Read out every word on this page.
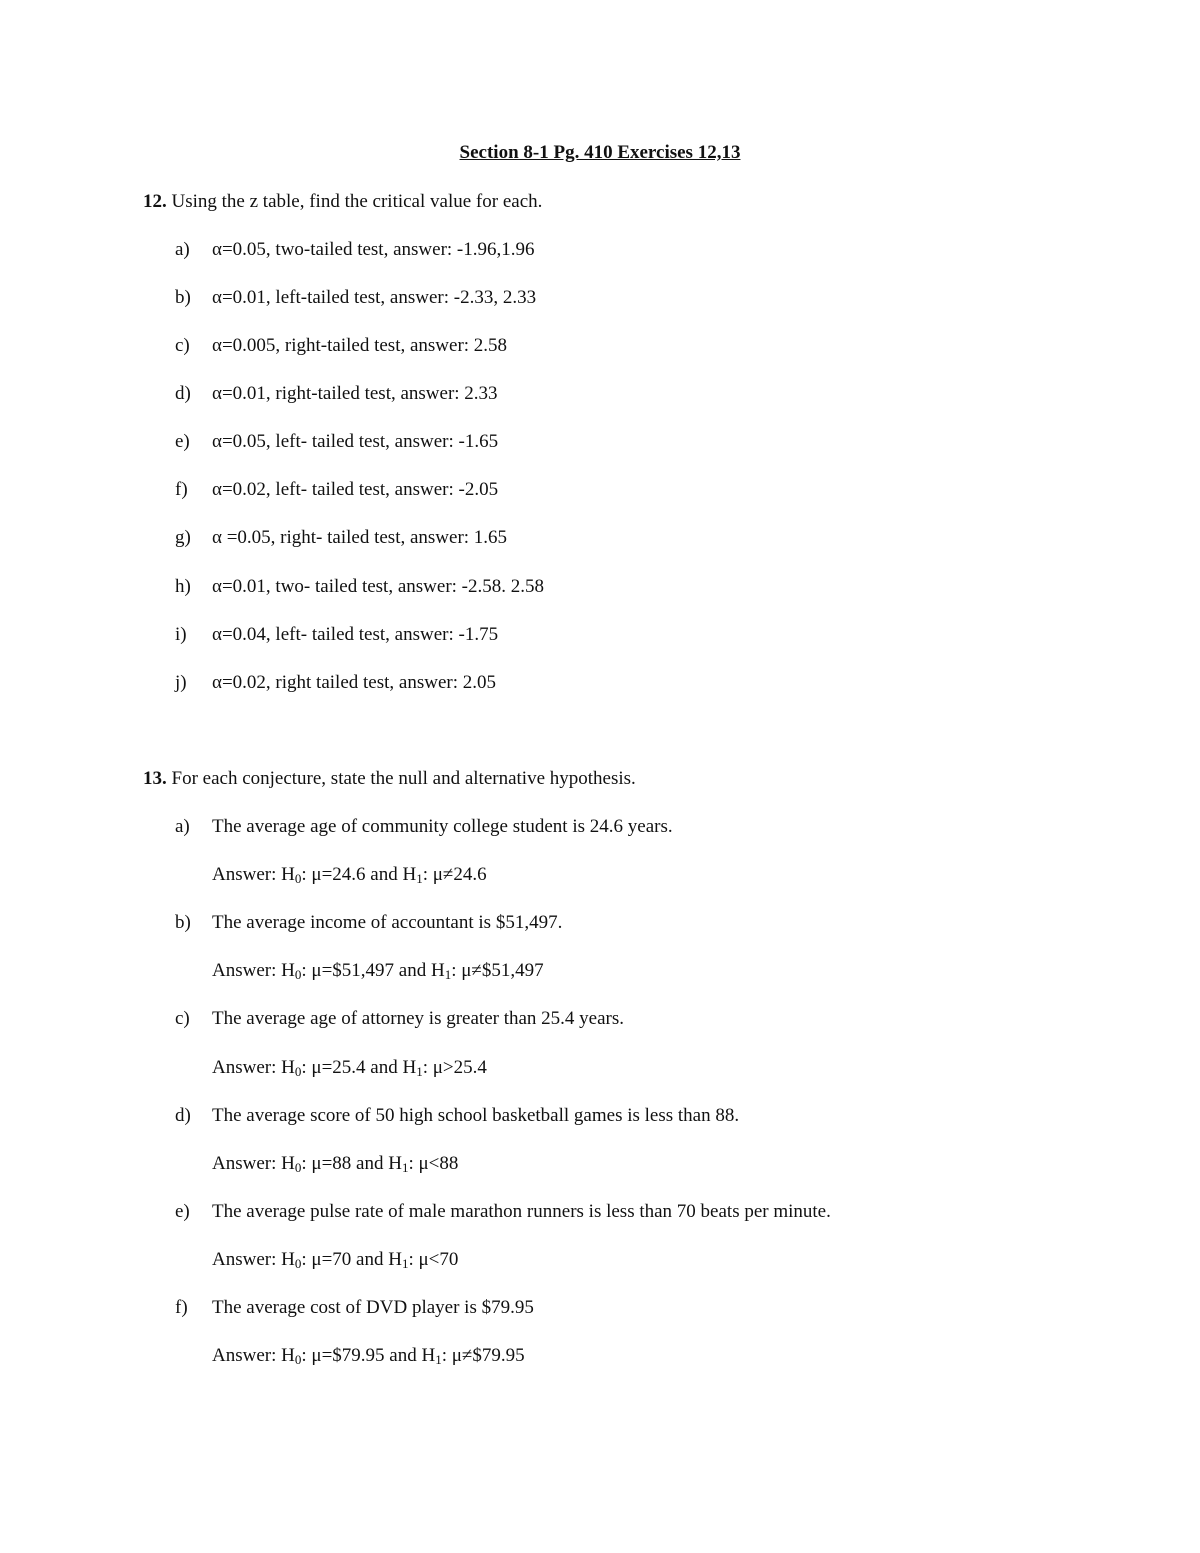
Section 8-1 Pg. 410 Exercises 12,13
12. Using the z table, find the critical value for each.
a) α=0.05, two-tailed test, answer: -1.96,1.96
b) α=0.01, left-tailed test, answer: -2.33, 2.33
c) α=0.005, right-tailed test, answer: 2.58
d) α=0.01, right-tailed test, answer: 2.33
e) α=0.05, left- tailed test, answer: -1.65
f) α=0.02, left- tailed test, answer: -2.05
g) α =0.05, right- tailed test, answer: 1.65
h) α=0.01, two- tailed test, answer: -2.58. 2.58
i) α=0.04, left- tailed test, answer: -1.75
j) α=0.02, right tailed test, answer: 2.05
13. For each conjecture, state the null and alternative hypothesis.
a) The average age of community college student is 24.6 years.
Answer: $H_0$: μ=24.6 and $H_1$: μ≠24.6
b) The average income of accountant is $51,497.
Answer: $H_0$: μ=$51,497 and $H_1$: μ≠$51,497
c) The average age of attorney is greater than 25.4 years.
Answer: $H_0$: μ=25.4 and $H_1$: μ>25.4
d) The average score of 50 high school basketball games is less than 88.
Answer: $H_0$: μ=88 and $H_1$: μ<88
e) The average pulse rate of male marathon runners is less than 70 beats per minute.
Answer: $H_0$: μ=70 and $H_1$: μ<70
f) The average cost of DVD player is $79.95
Answer: $H_0$: μ=$79.95 and $H_1$: μ≠$79.95
